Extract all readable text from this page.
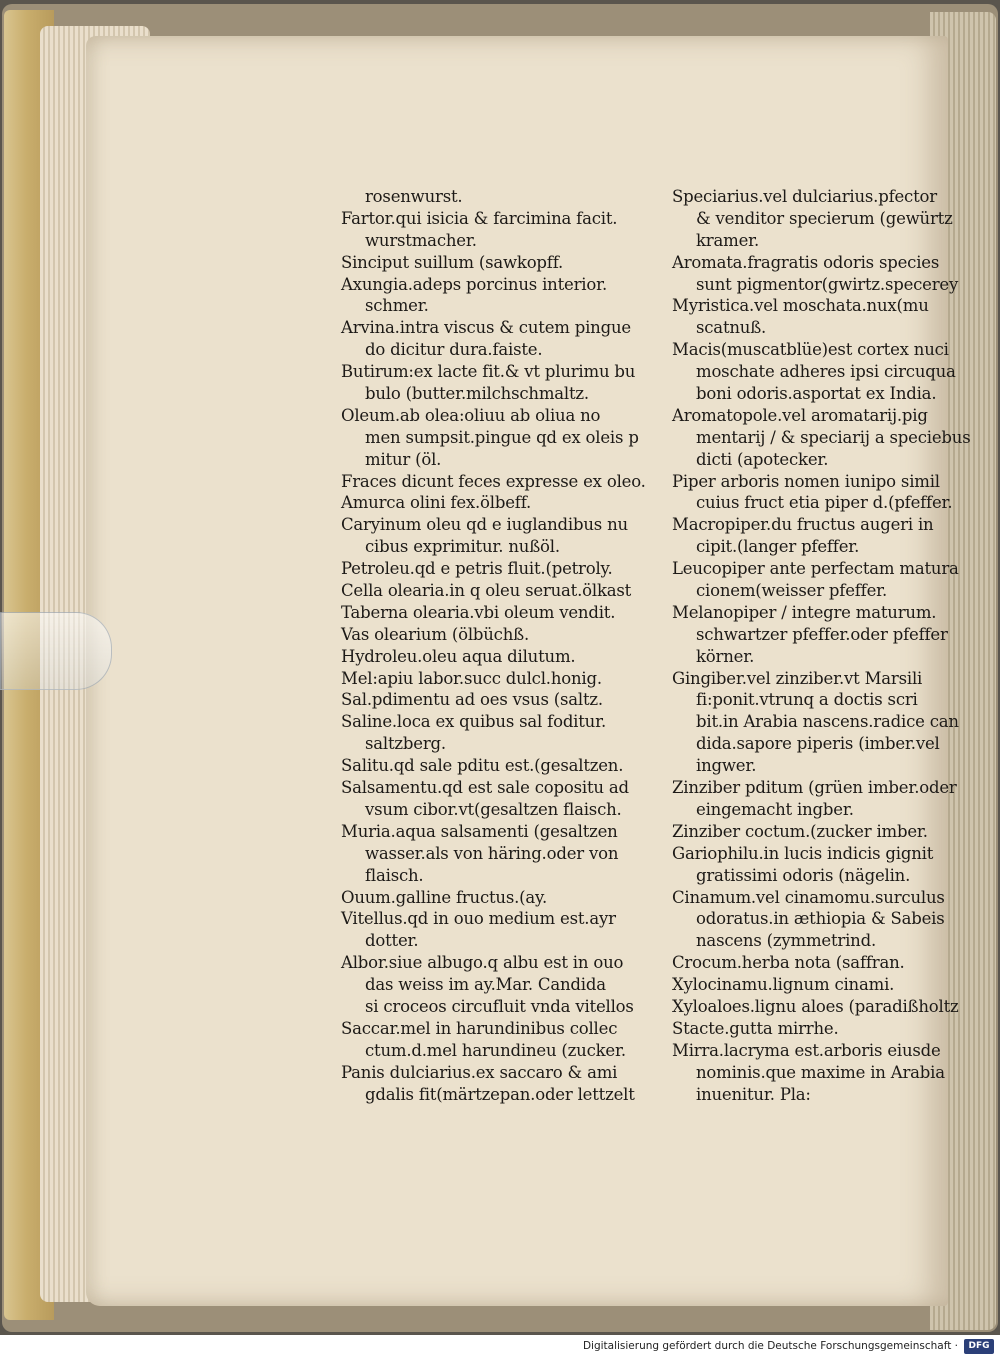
rosenwurst.
Fartor.qui isicia & farcimina facit.
wurstmacher.
Sinciput suillum (sawkopff.
Axungia.adeps porcinus interior.
schmer.
Arvina.intra viscus & cutem pingue
do dicitur dura.faiste.
Butirum:ex lacte fit.& vt plurimu bu
bulo (butter.milchschmaltz.
Oleum.ab olea:oliuu ab oliua no
men sumpsit.pingue qd ex oleis p
mitur (öl.
Fraces dicunt feces expresse ex oleo.
Amurca olini fex.ölbeff.
Caryinum oleu qd e iuglandibus nu
cibus exprimitur. nußöl.
Petroleu.qd e petris fluit.(petroly.
Cella olearia.in q oleu seruat.ölkast
Taberna olearia.vbi oleum vendit.
Vas olearium (ölbüchß.
Hydroleu.oleu aqua dilutum.
Mel:apiu labor.succ dulcl.honig.
Sal.pdimentu ad oes vsus (saltz.
Saline.loca ex quibus sal foditur.
saltzberg.
Salitu.qd sale pditu est.(gesaltzen.
Salsamentu.qd est sale copositu ad
vsum cibor.vt(gesaltzen flaisch.
Muria.aqua salsamenti (gesaltzen
wasser.als von häring.oder von
flaisch.
Ouum.galline fructus.(ay.
Vitellus.qd in ouo medium est.ayr
dotter.
Albor.siue albugo.q albu est in ouo
das weiss im ay.Mar. Candida
si croceos circufluit vnda vitellos
Saccar.mel in harundinibus collec
ctum.d.mel harundineu (zucker.
Panis dulciarius.ex saccaro & ami
gdalis fit(märtzepan.oder lettzelt
Speciarius.vel dulciarius.pfector
& venditor specierum (gewürtz
kramer.
Aromata.fragratis odoris species
sunt pigmentor(gwirtz.specerey
Myristica.vel moschata.nux(mu
scatnuß.
Macis(muscatblüe)est cortex nuci
moschate adheres ipsi circuqua
boni odoris.asportat ex India.
Aromatopole.vel aromatarij.pig
mentarij / & speciarij a speciebus
dicti (apotecker.
Piper arboris nomen iunipo simil
cuius fruct etia piper d.(pfeffer.
Macropiper.du fructus augeri in
cipit.(langer pfeffer.
Leucopiper ante perfectam matura
cionem(weisser pfeffer.
Melanopiper / integre maturum.
schwartzer pfeffer.oder pfeffer
körner.
Gingiber.vel zinziber.vt Marsili
fi:ponit.vtrunq a doctis scri
bit.in Arabia nascens.radice can
dida.sapore piperis (imber.vel
ingwer.
Zinziber pditum (grüen imber.oder
eingemacht ingber.
Zinziber coctum.(zucker imber.
Gariophilu.in lucis indicis gignit
gratissimi odoris (nägelin.
Cinamum.vel cinamomu.surculus
odoratus.in æthiopia & Sabeis
nascens (zymmetrind.
Crocum.herba nota (saffran.
Xylocinamu.lignum cinami.
Xyloaloes.lignu aloes (paradißholtz
Stacte.gutta mirrhe.
Mirra.lacryma est.arboris eiusde
nominis.que maxime in Arabia
inuenitur. Pla:
Digitalisierung gefördert durch die Deutsche Forschungsgemeinschaft ·	DFG
